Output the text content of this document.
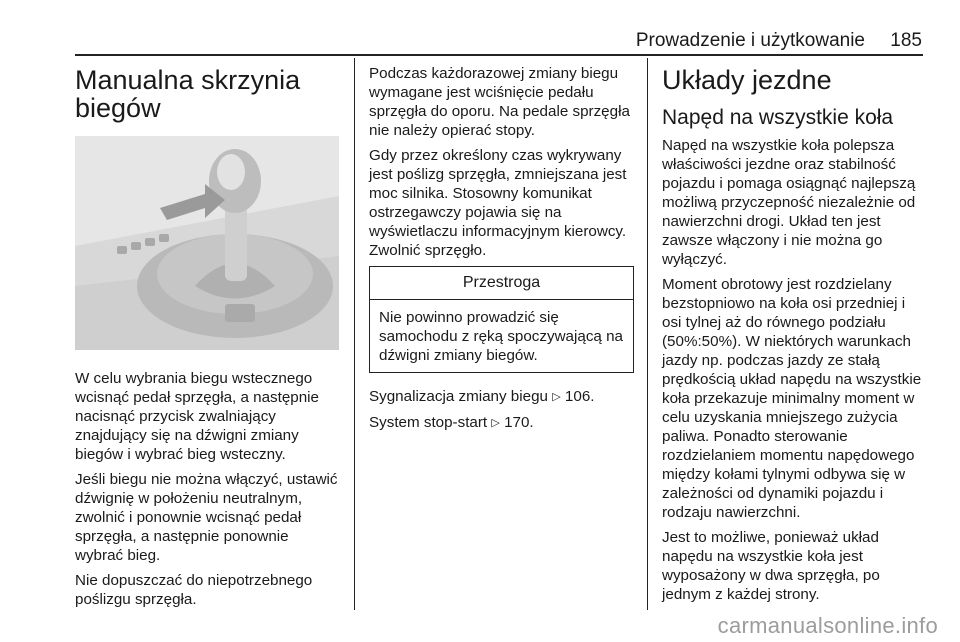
Prowadzenie i użytkowanie 185
Manualna skrzynia biegów

W celu wybrania biegu wstecznego wcisnąć pedał sprzęgła, a następnie nacisnąć przycisk zwalniający znajdujący się na dźwigni zmiany biegów i wybrać bieg wsteczny.

Jeśli biegu nie można włączyć, ustawić dźwignię w położeniu neutralnym, zwolnić i ponownie wcisnąć pedał sprzęgła, a następnie ponownie wybrać bieg.

Nie dopuszczać do niepotrzebnego poślizgu sprzęgła.

Podczas każdorazowej zmiany biegu wymagane jest wciśnięcie pedału sprzęgła do oporu. Na pedale sprzęgła nie należy opierać stopy.

Gdy przez określony czas wykrywany jest poślizg sprzęgła, zmniejszana jest moc silnika. Stosowny komunikat ostrzegawczy pojawia się na wyświetlaczu informacyjnym kierowcy. Zwolnić sprzęgło.

Przestroga
Nie powinno prowadzić się samochodu z ręką spoczywającą na dźwigni zmiany biegów.

Sygnalizacja zmiany biegu ▷ 106.

System stop-start ▷ 170.

Układy jezdne
Napęd na wszystkie koła

Napęd na wszystkie koła polepsza właściwości jezdne oraz stabilność pojazdu i pomaga osiągnąć najlepszą możliwą przyczepność niezależnie od nawierzchni drogi. Układ ten jest zawsze włączony i nie można go wyłączyć.

Moment obrotowy jest rozdzielany bezstopniowo na koła osi przedniej i osi tylnej aż do równego podziału (50%:50%). W niektórych warunkach jazdy np. podczas jazdy ze stałą prędkością układ napędu na wszystkie koła przekazuje minimalny moment w celu uzyskania mniejszego zużycia paliwa. Ponadto sterowanie rozdzielaniem momentu napędowego między kołami tylnymi odbywa się w zależności od dynamiki pojazdu i rodzaju nawierzchni.

Jest to możliwe, ponieważ układ napędu na wszystkie koła jest wyposażony w dwa sprzęgła, po jednym z każdej strony.

carmanualsonline.info
